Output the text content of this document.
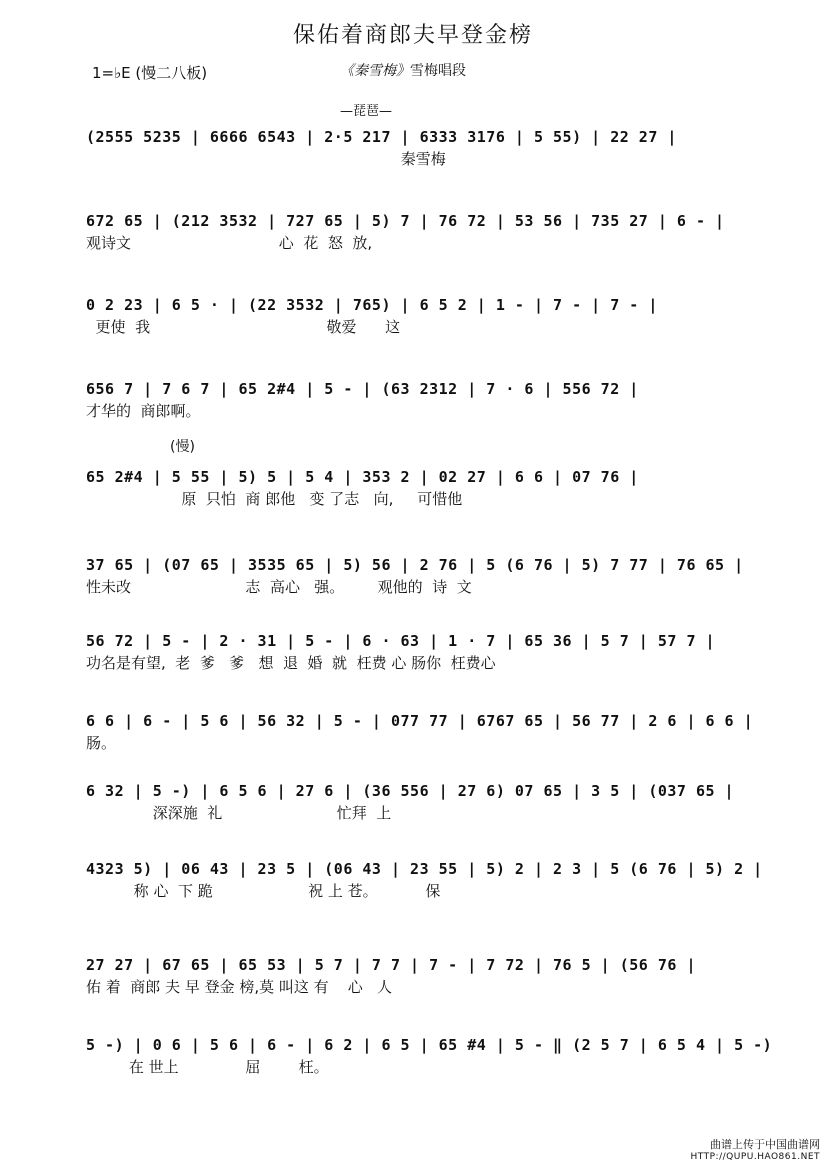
保佑着商郎夫早登金榜
1=♭E (慢二八板)	《秦雪梅》雪梅唱段
—琵琶—
(2555 5235 | 6666 6543 | 2·5 217 | 6333 3176 | 5 55) | 22 27 |
秦雪梅
672 65 | (212 3532 | 727 65 | 5) 7 | 76 72 | 53 56 | 735 27 | 6 - |
观诗文                               心  花  怒  放,
0 2 23 | 6 5 · | (22 3532 | 765) | 6 5 2 | 1 - | 7 - | 7 - |
更使  我                                     敬爱      这
656 7 | 7 6 7 | 65 2#4 | 5 - | (63 2312 | 7 · 6 | 556 72 |
才华的  商郎啊。
(慢)
65 2#4 | 5 55 | 5) 5 | 5 4 | 353 2 | 02 27 | 6 6 | 07 76 |
原  只怕  商 郎他   变 了志   向,     可惜他
37 65 | (07 65 | 3535 65 | 5) 56 | 2 76 | 5 (6 76 | 5) 7 77 | 76 65 |
性未改                        志  高心   强。       观他的  诗  文
56 72 | 5 - | 2 · 31 | 5 - | 6 · 63 | 1 · 7 | 65 36 | 5 7 | 57 7 |
功名是有望,  老  爹   爹   想  退  婚  就  枉费 心 肠你  枉费心
6 6 | 6 - | 5 6 | 56 32 | 5 - | 077 77 | 6767 65 | 56 77 | 2 6 | 6 6 |
肠。
6 32 | 5 -) | 6 5 6 | 27 6 | (36 556 | 27 6) 07 65 | 3 5 | (037 65 |
深深施  礼                        忙拜  上
4323 5) | 06 43 | 23 5 | (06 43 | 23 55 | 5) 2 | 2 3 | 5 (6 76 | 5) 2 |
称 心  下 跪                    祝 上 苍。          保
27 27 | 67 65 | 65 53 | 5 7 | 7 7 | 7 - | 7 72 | 76 5 | (56 76 |
佑 着  商郎 夫 早 登金 榜,莫 叫这 有    心   人
5 -) | 0 6 | 5 6 | 6 - | 6 2 | 6 5 | 65 #4 | 5 - ‖ (2 5 7 | 6 5 4 | 5 -)
在 世上              屈        枉。
曲谱上传于中国曲谱网
HTTP://QUPU.HAO861.NET
